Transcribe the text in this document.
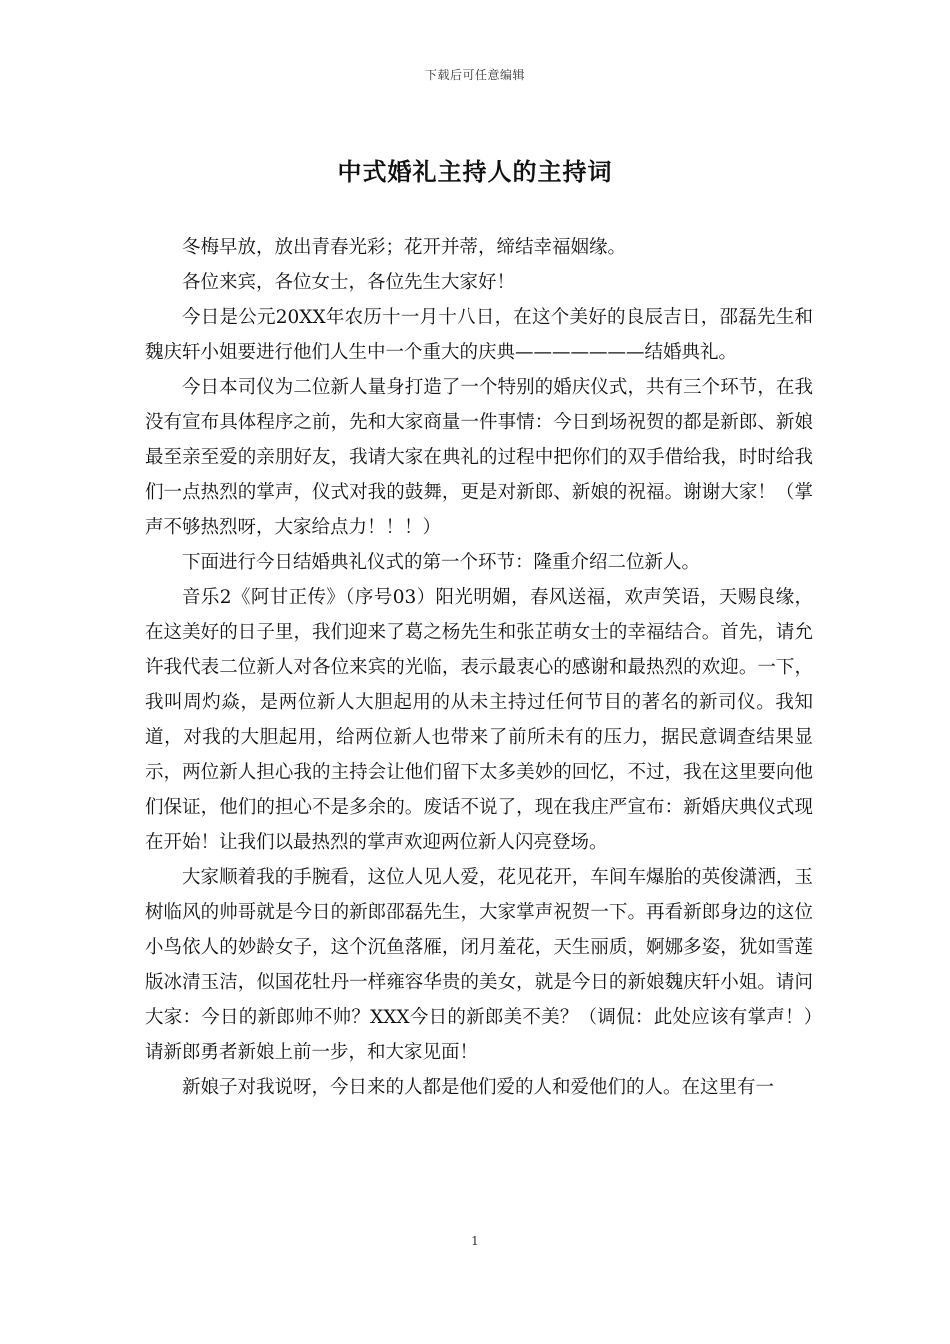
下载后可任意编辑
中式婚礼主持人的主持词

冬梅早放，放出青春光彩；花开并蒂，缔结幸福姻缘。

各位来宾，各位女士，各位先生大家好！

今日是公元20XX年农历十一月十八日，在这个美好的良辰吉日，邵磊先生和魏庆轩小姐要进行他们人生中一个重大的庆典———————结婚典礼。

今日本司仪为二位新人量身打造了一个特别的婚庆仪式，共有三个环节，在我没有宣布具体程序之前，先和大家商量一件事情：今日到场祝贺的都是新郎、新娘最至亲至爱的亲朋好友，我请大家在典礼的过程中把你们的双手借给我，时时给我们一点热烈的掌声，仪式对我的鼓舞，更是对新郎、新娘的祝福。谢谢大家！（掌声不够热烈呀，大家给点力！！！）

下面进行今日结婚典礼仪式的第一个环节：隆重介绍二位新人。

音乐2《阿甘正传》（序号03）阳光明媚，春风送福，欢声笑语，天赐良缘，在这美好的日子里，我们迎来了葛之杨先生和张芷萌女士的幸福结合。首先，请允许我代表二位新人对各位来宾的光临，表示最衷心的感谢和最热烈的欢迎。一下，我叫周灼焱，是两位新人大胆起用的从未主持过任何节目的著名的新司仪。我知道，对我的大胆起用，给两位新人也带来了前所未有的压力，据民意调查结果显示，两位新人担心我的主持会让他们留下太多美妙的回忆，不过，我在这里要向他们保证，他们的担心不是多余的。废话不说了，现在我庄严宣布：新婚庆典仪式现在开始！让我们以最热烈的掌声欢迎两位新人闪亮登场。

大家顺着我的手腕看，这位人见人爱，花见花开，车间车爆胎的英俊潇洒，玉树临风的帅哥就是今日的新郎邵磊先生，大家掌声祝贺一下。再看新郎身边的这位小鸟依人的妙龄女子，这个沉鱼落雁，闭月羞花，天生丽质，婀娜多姿，犹如雪莲版冰清玉洁，似国花牡丹一样雍容华贵的美女，就是今日的新娘魏庆轩小姐。请问大家：今日的新郎帅不帅？XXX今日的新郎美不美？（调侃：此处应该有掌声！）请新郎勇者新娘上前一步，和大家见面！

新娘子对我说呀，今日来的人都是他们爱的人和爱他们的人。在这里有一

1
